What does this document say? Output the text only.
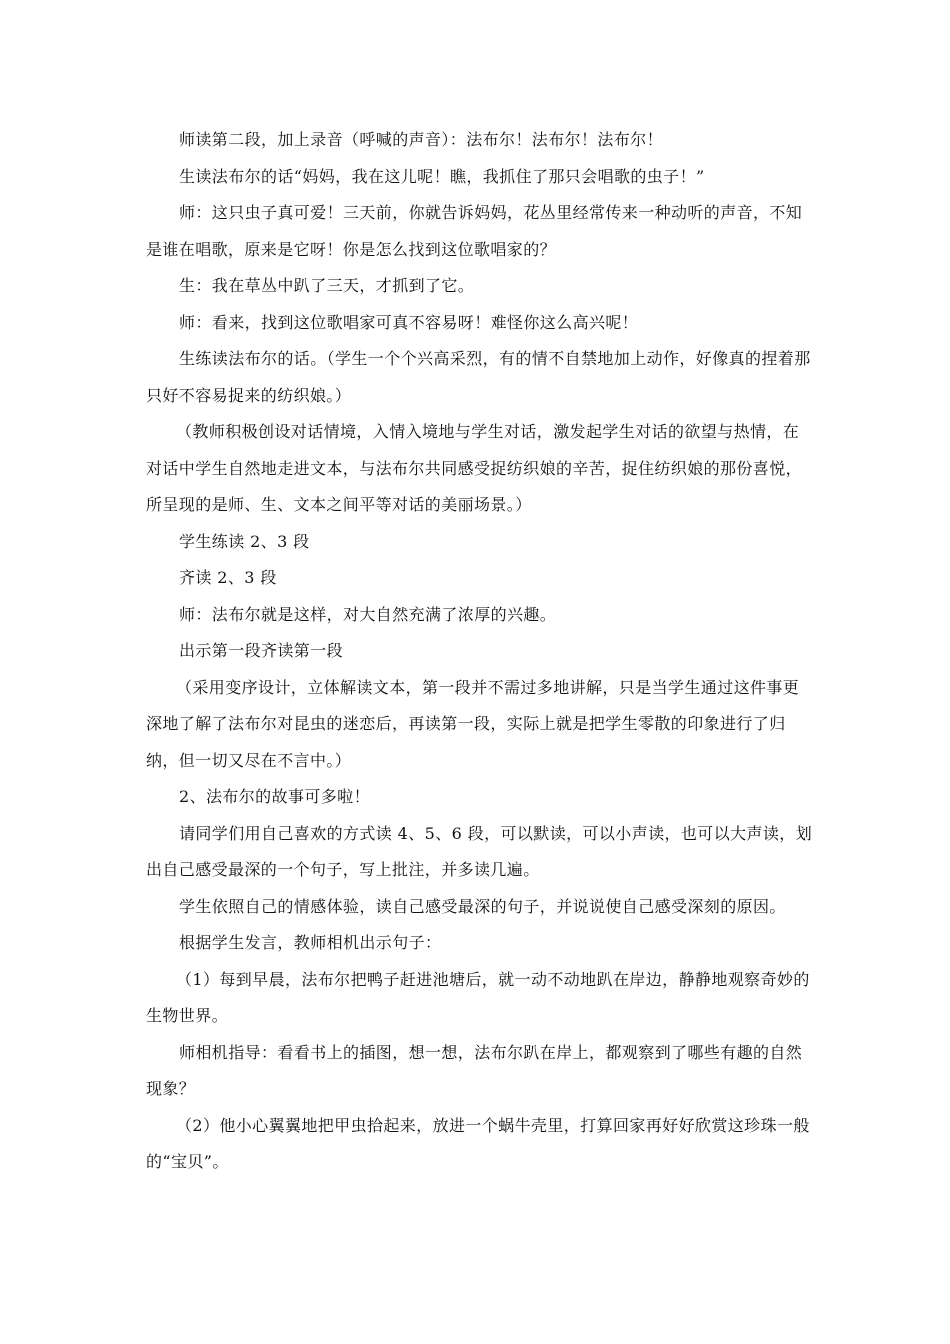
师读第二段，加上录音（呼喊的声音）：法布尔！法布尔！法布尔！

生读法布尔的话“妈妈，我在这儿呢！瞧，我抓住了那只会唱歌的虫子！”

师：这只虫子真可爱！三天前，你就告诉妈妈，花丛里经常传来一种动听的声音，不知是谁在唱歌，原来是它呀！你是怎么找到这位歌唱家的？

生：我在草丛中趴了三天，才抓到了它。

师：看来，找到这位歌唱家可真不容易呀！难怪你这么高兴呢！

生练读法布尔的话。（学生一个个兴高采烈，有的情不自禁地加上动作，好像真的捏着那只好不容易捉来的纺织娘。）

（教师积极创设对话情境，入情入境地与学生对话，激发起学生对话的欲望与热情，在对话中学生自然地走进文本，与法布尔共同感受捉纺织娘的辛苦，捉住纺织娘的那份喜悦，所呈现的是师、生、文本之间平等对话的美丽场景。）

学生练读 2、3 段

齐读 2、3 段

师：法布尔就是这样，对大自然充满了浓厚的兴趣。

出示第一段齐读第一段

（采用变序设计，立体解读文本，第一段并不需过多地讲解，只是当学生通过这件事更深地了解了法布尔对昆虫的迷恋后，再读第一段，实际上就是把学生零散的印象进行了归纳，但一切又尽在不言中。）

2、法布尔的故事可多啦！

请同学们用自己喜欢的方式读 4、5、6 段，可以默读，可以小声读，也可以大声读，划出自己感受最深的一个句子，写上批注，并多读几遍。

学生依照自己的情感体验，读自己感受最深的句子，并说说使自己感受深刻的原因。

根据学生发言，教师相机出示句子：

（1）每到早晨，法布尔把鸭子赶进池塘后，就一动不动地趴在岸边，静静地观察奇妙的生物世界。

师相机指导：看看书上的插图，想一想，法布尔趴在岸上，都观察到了哪些有趣的自然现象？

（2）他小心翼翼地把甲虫拾起来，放进一个蜗牛壳里，打算回家再好好欣赏这珍珠一般的“宝贝”。
